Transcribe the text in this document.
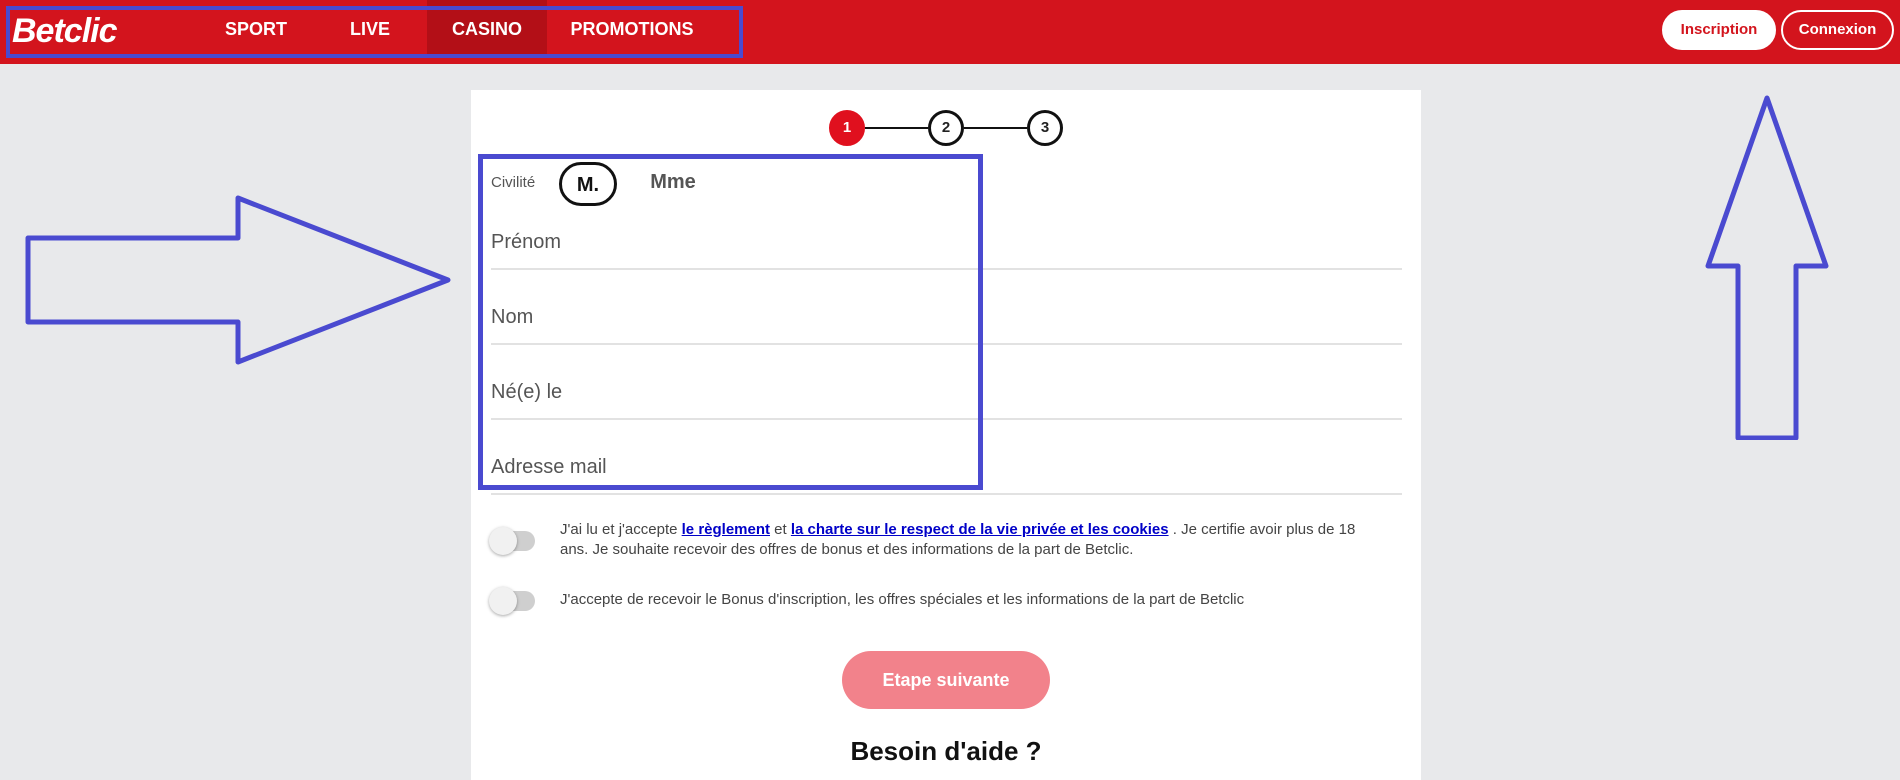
Betclic	SPORT	LIVE	CASINO	PROMOTIONS	Inscription	Connexion
1	2	3
Civilité	M.	Mme
Prénom
Nom
Né(e) le
Adresse mail
J'ai lu et j'accepte le règlement et la charte sur le respect de la vie privée et les cookies . Je certifie avoir plus de 18 ans. Je souhaite recevoir des offres de bonus et des informations de la part de Betclic.
J'accepte de recevoir le Bonus d'inscription, les offres spéciales et les informations de la part de Betclic
Etape suivante
Besoin d'aide ?
